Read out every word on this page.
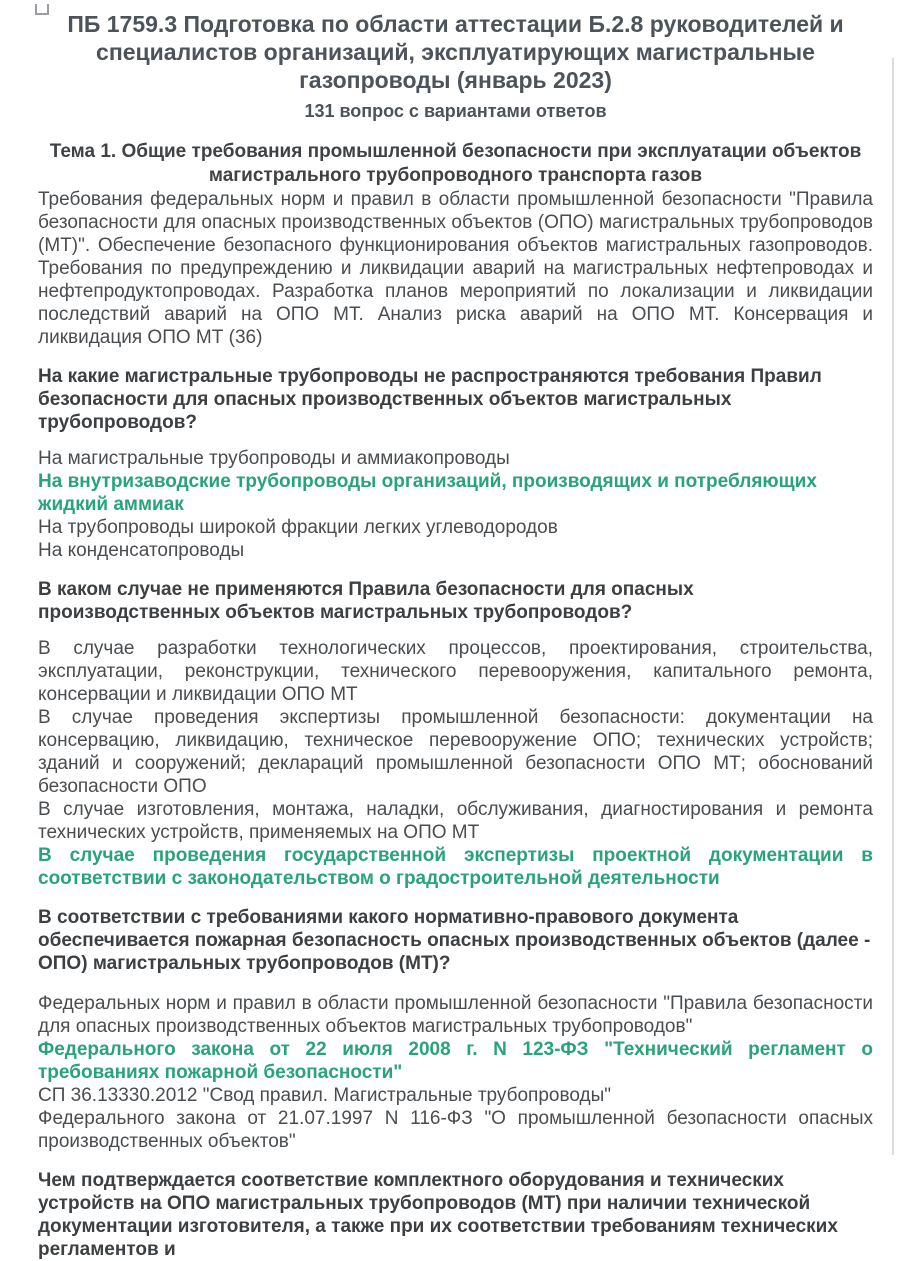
ПБ 1759.3 Подготовка по области аттестации Б.2.8 руководителей и специалистов организаций, эксплуатирующих магистральные газопроводы (январь 2023)
131 вопрос с вариантами ответов
Тема 1. Общие требования промышленной безопасности при эксплуатации объектов магистрального трубопроводного транспорта газов

Требования федеральных норм и правил в области промышленной безопасности "Правила безопасности для опасных производственных объектов (ОПО) магистральных трубопроводов (МТ)". Обеспечение безопасного функционирования объектов магистральных газопроводов. Требования по предупреждению и ликвидации аварий на магистральных нефтепроводах и нефтепродуктопроводах. Разработка планов мероприятий по локализации и ликвидации последствий аварий на ОПО МТ. Анализ риска аварий на ОПО МТ. Консервация и ликвидация ОПО МТ (36)

На какие магистральные трубопроводы не распространяются требования Правил безопасности для опасных производственных объектов магистральных трубопроводов?

На магистральные трубопроводы и аммиакопроводы

На внутризаводские трубопроводы организаций, производящих и потребляющих жидкий аммиак

На трубопроводы широкой фракции легких углеводородов

На конденсатопроводы

В каком случае не применяются Правила безопасности для опасных производственных объектов магистральных трубопроводов?

В случае разработки технологических процессов, проектирования, строительства, эксплуатации, реконструкции, технического перевооружения, капитального ремонта, консервации и ликвидации ОПО МТ

В случае проведения экспертизы промышленной безопасности: документации на консервацию, ликвидацию, техническое перевооружение ОПО; технических устройств; зданий и сооружений; деклараций промышленной безопасности ОПО МТ; обоснований безопасности ОПО

В случае изготовления, монтажа, наладки, обслуживания, диагностирования и ремонта технических устройств, применяемых на ОПО МТ

В случае проведения государственной экспертизы проектной документации в соответствии с законодательством о градостроительной деятельности

В соответствии с требованиями какого нормативно-правового документа обеспечивается пожарная безопасность опасных производственных объектов (далее - ОПО) магистральных трубопроводов (МТ)?

Федеральных норм и правил в области промышленной безопасности "Правила безопасности для опасных производственных объектов магистральных трубопроводов"

Федерального закона от 22 июля 2008 г. N 123-ФЗ "Технический регламент о требованиях пожарной безопасности"

СП 36.13330.2012 "Свод правил. Магистральные трубопроводы"

Федерального закона от 21.07.1997 N 116-ФЗ "О промышленной безопасности опасных производственных объектов"

Чем подтверждается соответствие комплектного оборудования и технических устройств на ОПО магистральных трубопроводов (МТ) при наличии технической документации изготовителя, а также при их соответствии требованиям технических регламентов и
